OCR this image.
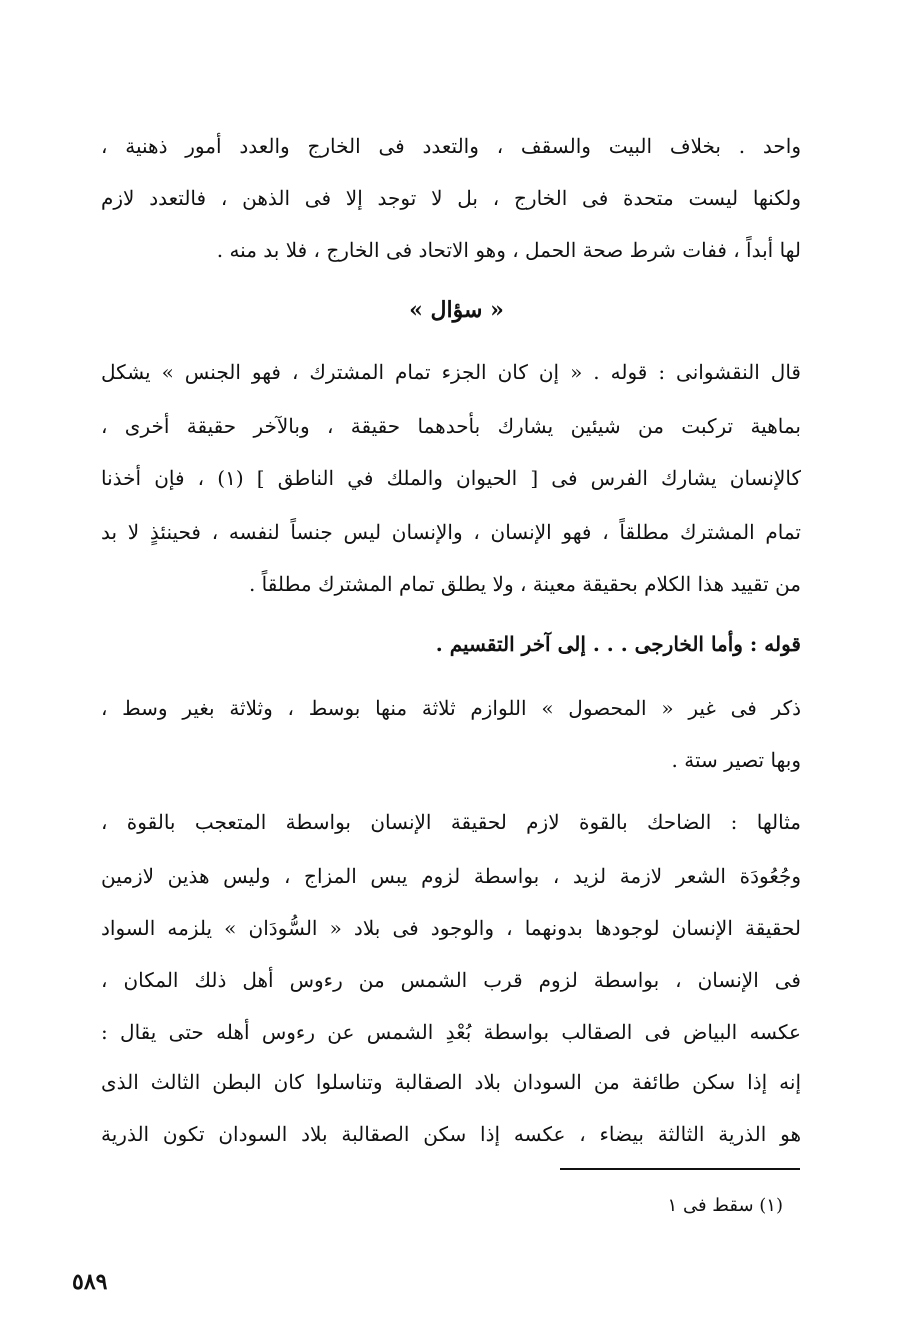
واحد . بخلاف البيت والسقف ، والتعدد فى الخارج والعدد أمور ذهنية ،
ولكنها ليست متحدة فى الخارج ، بل لا توجد إلا فى الذهن ، فالتعدد لازم
لها أبداً ، ففات شرط صحة الحمل ، وهو الاتحاد فى الخارج ، فلا بد منه .
« سؤال »
قال النقشوانى : قوله . « إن كان الجزء تمام المشترك ، فهو الجنس » يشكل
بماهية تركبت من شيئين يشارك بأحدهما حقيقة ، وبالآخر حقيقة أخرى ،
كالإنسان يشارك الفرس فى [ الحيوان والملك في الناطق ] (١) ، فإن أخذنا
تمام المشترك مطلقاً ، فهو الإنسان ، والإنسان ليس جنساً لنفسه ، فحينئذٍ لا بد
من تقييد هذا الكلام بحقيقة معينة ، ولا يطلق تمام المشترك مطلقاً .
قوله : وأما الخارجى . . . إلى آخر التقسيم .
ذكر فى غير « المحصول » اللوازم ثلاثة منها بوسط ، وثلاثة بغير وسط ،
وبها تصير ستة .
مثالها : الضاحك بالقوة لازم لحقيقة الإنسان بواسطة المتعجب بالقوة ،
وجُعُودَة الشعر لازمة لزيد ، بواسطة لزوم يبس المزاج ، وليس هذين لازمين
لحقيقة الإنسان لوجودها بدونهما ، والوجود فى بلاد « السُّودَان » يلزمه السواد
فى الإنسان ، بواسطة لزوم قرب الشمس من رءوس أهل ذلك المكان ،
عكسه البياض فى الصقالب بواسطة بُعْدِ الشمس عن رءوس أهله حتى يقال :
إنه إذا سكن طائفة من السودان بلاد الصقالبة وتناسلوا كان البطن الثالث الذى
هو الذرية الثالثة بيضاء ، عكسه إذا سكن الصقالبة بلاد السودان تكون الذرية
(١) سقط فى ١
٥٨٩
